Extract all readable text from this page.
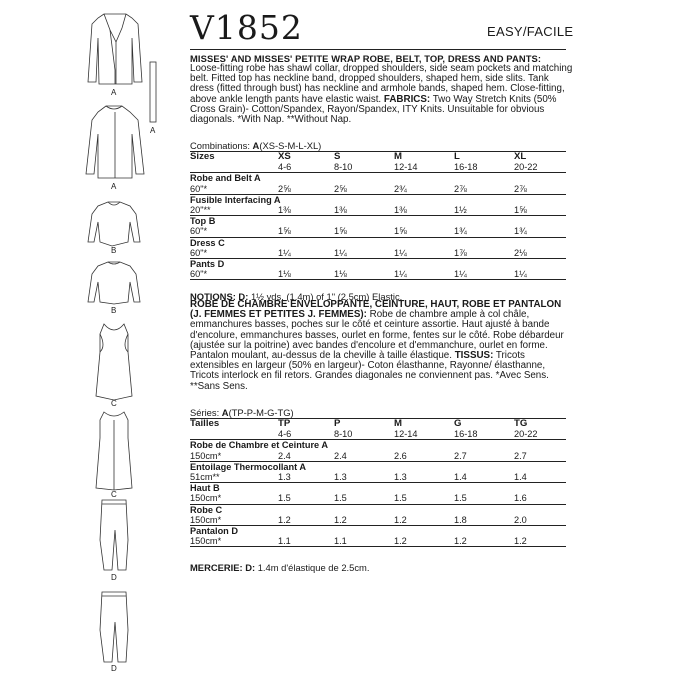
A
A
A
B
B
C
C
D
D
V1852	EASY/FACILE
MISSES' AND MISSES' PETITE WRAP ROBE, BELT, TOP, DRESS AND PANTS:
Loose-fitting robe has shawl collar, dropped shoulders, side seam pockets and matching belt. Fitted top has neckline band, dropped shoulders, shaped hem, side slits. Tank dress (fitted through bust) has neckline and armhole bands, shaped hem. Close-fitting, above ankle length pants have elastic waist. FABRICS: Two Way Stretch Knits (50% Cross Grain)- Cotton/Spandex, Rayon/Spandex, ITY Knits. Unsuitable for obvious diagonals. *With Nap. **Without Nap.
Combinations: A(XS-S-M-L-XL)
Sizes	XS	S	M	L	XL
	4-6	8-10	12-14	16-18	20-22
Robe and Belt A					
60"*	2⅝	2⅝	2¾	2⅞	2⅞
Fusible Interfacing A					
20"**	1⅜	1⅜	1⅜	1½	1⅝
Top B					
60"*	1⅝	1⅝	1⅝	1¾	1¾
Dress C					
60"*	1¼	1¼	1¼	1⅞	2⅛
Pants D					
60"*	1⅛	1⅛	1¼	1¼	1¼
NOTIONS: D: 1½ yds. (1.4m) of 1" (2.5cm) Elastic.
ROBE DE CHAMBRE ENVELOPPANTE, CEINTURE, HAUT, ROBE ET PANTALON (J. FEMMES ET PETITES J. FEMMES): Robe de chambre ample à col châle, emmanchures basses, poches sur le côté et ceinture assortie. Haut ajusté à bande d'encolure, emmanchures basses, ourlet en forme, fentes sur le côté. Robe débardeur (ajustée sur la poitrine) avec bandes d'encolure et d'emmanchure, ourlet en forme. Pantalon moulant, au-dessus de la cheville à taille élastique. TISSUS: Tricots extensibles en largeur (50% en largeur)- Coton élasthanne, Rayonne/ élasthanne, Tricots interlock en fil retors. Grandes diagonales ne conviennent pas. *Avec Sens. **Sans Sens.
Séries: A(TP-P-M-G-TG)
Tailles	TP	P	M	G	TG
	4-6	8-10	12-14	16-18	20-22
Robe de Chambre et Ceinture A					
150cm*	2.4	2.4	2.6	2.7	2.7
Entoilage Thermocollant A					
51cm**	1.3	1.3	1.3	1.4	1.4
Haut B					
150cm*	1.5	1.5	1.5	1.5	1.6
Robe C					
150cm*	1.2	1.2	1.2	1.8	2.0
Pantalon D					
150cm*	1.1	1.1	1.2	1.2	1.2
MERCERIE: D: 1.4m d'élastique de 2.5cm.
